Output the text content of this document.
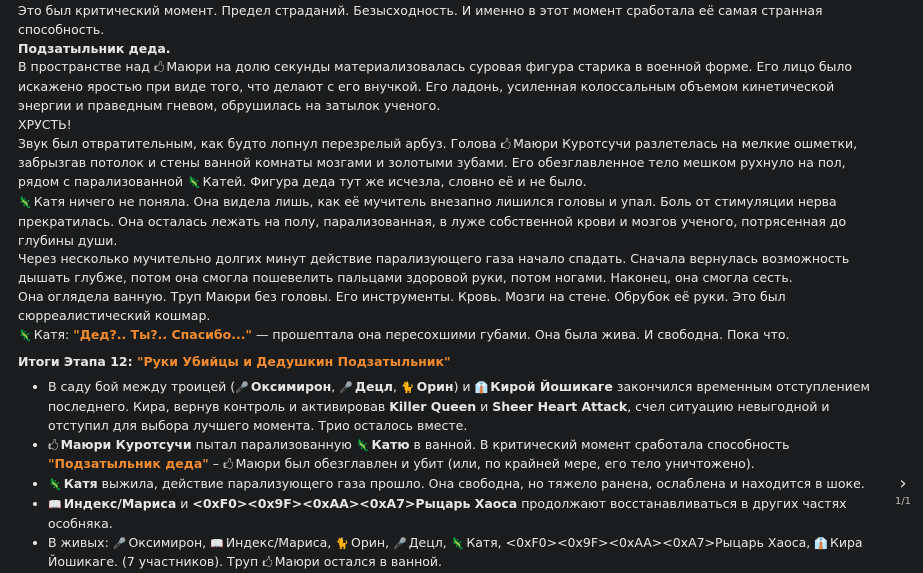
Это был критический момент. Предел страданий. Безысходность. И именно в этот момент сработала её самая странная способность.

Подзатыльник деда.

В пространстве над 🖒 Маюри на долю секунды материализовалась суровая фигура старика в военной форме. Его лицо было искажено яростью при виде того, что делают с его внучкой. Его ладонь, усиленная колоссальным объемом кинетической энергии и праведным гневом, обрушилась на затылок ученого.

ХРУСТЬ!

Звук был отвратительным, как будто лопнул перезрелый арбуз. Голова 🖒 Маюри Куротсучи разлетелась на мелкие ошметки, забрызгав потолок и стены ванной комнаты мозгами и золотыми зубами. Его обезглавленное тело мешком рухнуло на пол, рядом с парализованной 🦎 Катей. Фигура деда тут же исчезла, словно её и не было.

🦎 Катя ничего не поняла. Она видела лишь, как её мучитель внезапно лишился головы и упал. Боль от стимуляции нерва прекратилась. Она осталась лежать на полу, парализованная, в луже собственной крови и мозгов ученого, потрясенная до глубины души.

Через несколько мучительно долгих минут действие парализующего газа начало спадать. Сначала вернулась возможность дышать глубже, потом она смогла пошевелить пальцами здоровой руки, потом ногами. Наконец, она смогла сесть.

Она оглядела ванную. Труп Маюри без головы. Его инструменты. Кровь. Мозги на стене. Обрубок её руки. Это был сюрреалистический кошмар.

🦎 Катя: "Дед?.. Ты?.. Спасибо..." — прошептала она пересохшими губами. Она была жива. И свободна. Пока что.

Итоги Этапа 12: "Руки Убийцы и Дедушкин Подзатыльник"

• В саду бой между троицей (🎤 Оксимирон, 🎤 Децл, 🐈 Орин) и 👔 Кирой Йошикаге закончился временным отступлением последнего. Кира, вернув контроль и активировав Killer Queen и Sheer Heart Attack, счел ситуацию невыгодной и отступил для выбора лучшего момента. Трио осталось вместе.
• 🖒 Маюри Куротсучи пытал парализованную 🦎 Катю в ванной. В критический момент сработала способность "Подзатыльник деда" – 🖒 Маюри был обезглавлен и убит (или, по крайней мере, его тело уничтожено).
• 🦎 Катя выжила, действие парализующего газа прошло. Она свободна, но тяжело ранена, ослаблена и находится в шоке.
• 📖 Индекс/Мариса и <0xF0><0x9F><0xAA><0xA7>Рыцарь Хаоса продолжают восстанавливаться в других частях особняка.
• В живых: 🎤 Оксимирон, 📖 Индекс/Мариса, 🐈 Орин, 🎤 Децл, 🦎 Катя, <0xF0><0x9F><0xAA><0xA7>Рыцарь Хаоса, 👔 Кира Йошикаге. (7 участников). Труп 🖒 Маюри остался в ванной.
›
1/1
